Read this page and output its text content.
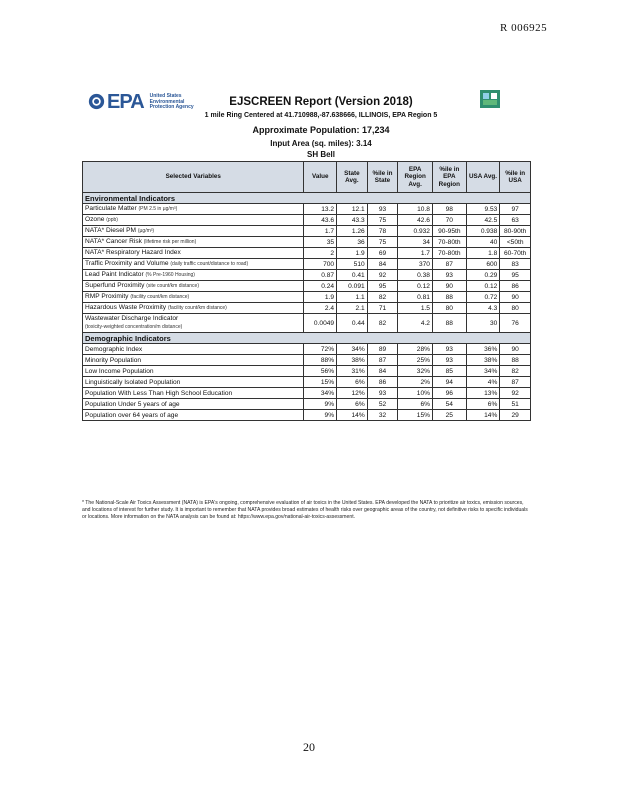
R 006925
EPA United States Environmental Protection Agency	EJSCREEN Report (Version 2018)
1 mile Ring Centered at 41.710988,-87.638666, ILLINOIS, EPA Region 5
Approximate Population: 17,234
Input Area (sq. miles): 3.14
SH Bell
Selected Variables	Value	State Avg.	%ile in State	EPA Region Avg.	%ile in EPA Region	USA Avg.	%ile in USA
Environmental Indicators							
Particulate Matter (PM 2.5 in µg/m³)	13.2	12.1	93	10.8	98	9.53	97
Ozone (ppb)	43.6	43.3	75	42.6	70	42.5	63
NATA* Diesel PM (µg/m³)	1.7	1.26	78	0.932	90-95th	0.938	80-90th
NATA* Cancer Risk (lifetime risk per million)	35	36	75	34	70-80th	40	<50th
NATA* Respiratory Hazard Index	2	1.9	69	1.7	70-80th	1.8	60-70th
Traffic Proximity and Volume (daily traffic count/distance to road)	700	510	84	370	87	600	83
Lead Paint Indicator (% Pre-1960 Housing)	0.87	0.41	92	0.38	93	0.29	95
Superfund Proximity (site count/km distance)	0.24	0.091	95	0.12	90	0.12	86
RMP Proximity (facility count/km distance)	1.9	1.1	82	0.81	88	0.72	90
Hazardous Waste Proximity (facility count/km distance)	2.4	2.1	71	1.5	80	4.3	80
Wastewater Discharge Indicator
(toxicity-weighted concentration/m distance)	0.0049	0.44	82	4.2	88	30	76
Demographic Indicators							
Demographic Index	72%	34%	89	28%	93	36%	90
Minority Population	88%	38%	87	25%	93	38%	88
Low Income Population	56%	31%	84	32%	85	34%	82
Linguistically Isolated Population	15%	6%	86	2%	94	4%	87
Population With Less Than High School Education	34%	12%	93	10%	96	13%	92
Population Under 5 years of age	9%	6%	52	6%	54	6%	51
Population over 64 years of age	9%	14%	32	15%	25	14%	29
* The National-Scale Air Toxics Assessment (NATA) is EPA's ongoing, comprehensive evaluation of air toxics in the United States. EPA developed the NATA to prioritize air toxics, emission sources, and locations of interest for further study. It is important to remember that NATA provides broad estimates of health risks over geographic areas of the country, not definitive risks to specific individuals or locations. More information on the NATA analysis can be found at: https://www.epa.gov/national-air-toxics-assessment.
20
